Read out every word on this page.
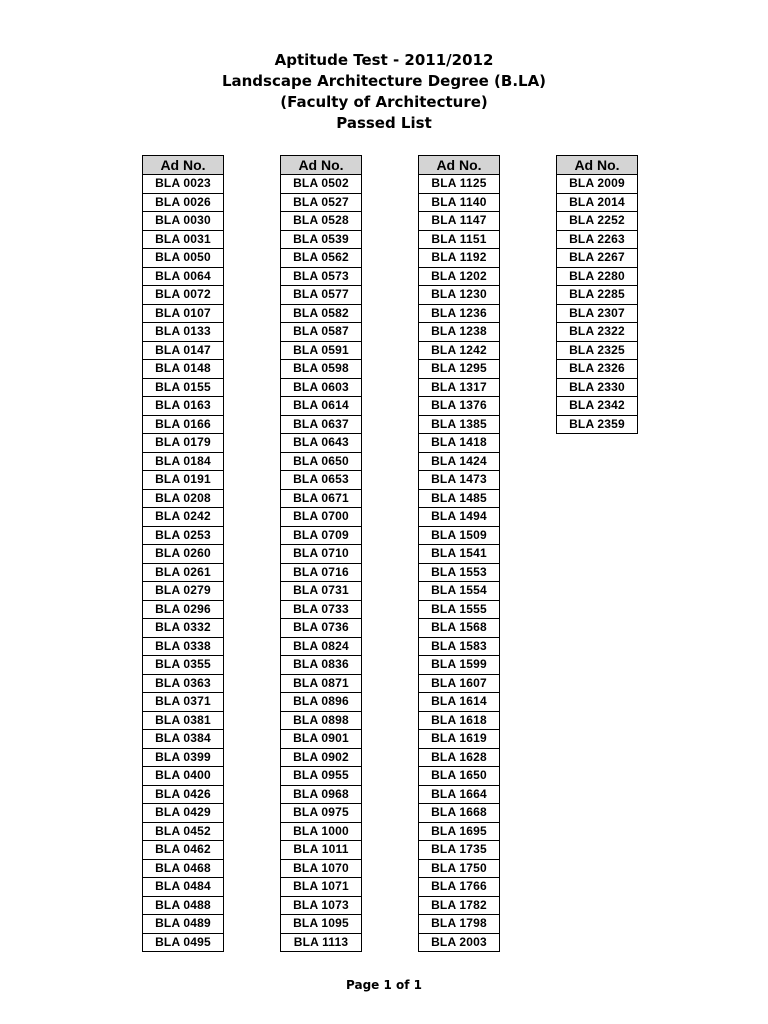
Aptitude Test - 2011/2012
Landscape Architecture Degree (B.LA)
(Faculty of Architecture)
Passed List
Ad No.
BLA 0023
BLA 0026
BLA 0030
BLA 0031
BLA 0050
BLA 0064
BLA 0072
BLA 0107
BLA 0133
BLA 0147
BLA 0148
BLA 0155
BLA 0163
BLA 0166
BLA 0179
BLA 0184
BLA 0191
BLA 0208
BLA 0242
BLA 0253
BLA 0260
BLA 0261
BLA 0279
BLA 0296
BLA 0332
BLA 0338
BLA 0355
BLA 0363
BLA 0371
BLA 0381
BLA 0384
BLA 0399
BLA 0400
BLA 0426
BLA 0429
BLA 0452
BLA 0462
BLA 0468
BLA 0484
BLA 0488
BLA 0489
BLA 0495
Ad No.
BLA 0502
BLA 0527
BLA 0528
BLA 0539
BLA 0562
BLA 0573
BLA 0577
BLA 0582
BLA 0587
BLA 0591
BLA 0598
BLA 0603
BLA 0614
BLA 0637
BLA 0643
BLA 0650
BLA 0653
BLA 0671
BLA 0700
BLA 0709
BLA 0710
BLA 0716
BLA 0731
BLA 0733
BLA 0736
BLA 0824
BLA 0836
BLA 0871
BLA 0896
BLA 0898
BLA 0901
BLA 0902
BLA 0955
BLA 0968
BLA 0975
BLA 1000
BLA 1011
BLA 1070
BLA 1071
BLA 1073
BLA 1095
BLA 1113
Ad No.
BLA 1125
BLA 1140
BLA 1147
BLA 1151
BLA 1192
BLA 1202
BLA 1230
BLA 1236
BLA 1238
BLA 1242
BLA 1295
BLA 1317
BLA 1376
BLA 1385
BLA 1418
BLA 1424
BLA 1473
BLA 1485
BLA 1494
BLA 1509
BLA 1541
BLA 1553
BLA 1554
BLA 1555
BLA 1568
BLA 1583
BLA 1599
BLA 1607
BLA 1614
BLA 1618
BLA 1619
BLA 1628
BLA 1650
BLA 1664
BLA 1668
BLA 1695
BLA 1735
BLA 1750
BLA 1766
BLA 1782
BLA 1798
BLA 2003
Ad No.
BLA 2009
BLA 2014
BLA 2252
BLA 2263
BLA 2267
BLA 2280
BLA 2285
BLA 2307
BLA 2322
BLA 2325
BLA 2326
BLA 2330
BLA 2342
BLA 2359
Page 1 of 1
